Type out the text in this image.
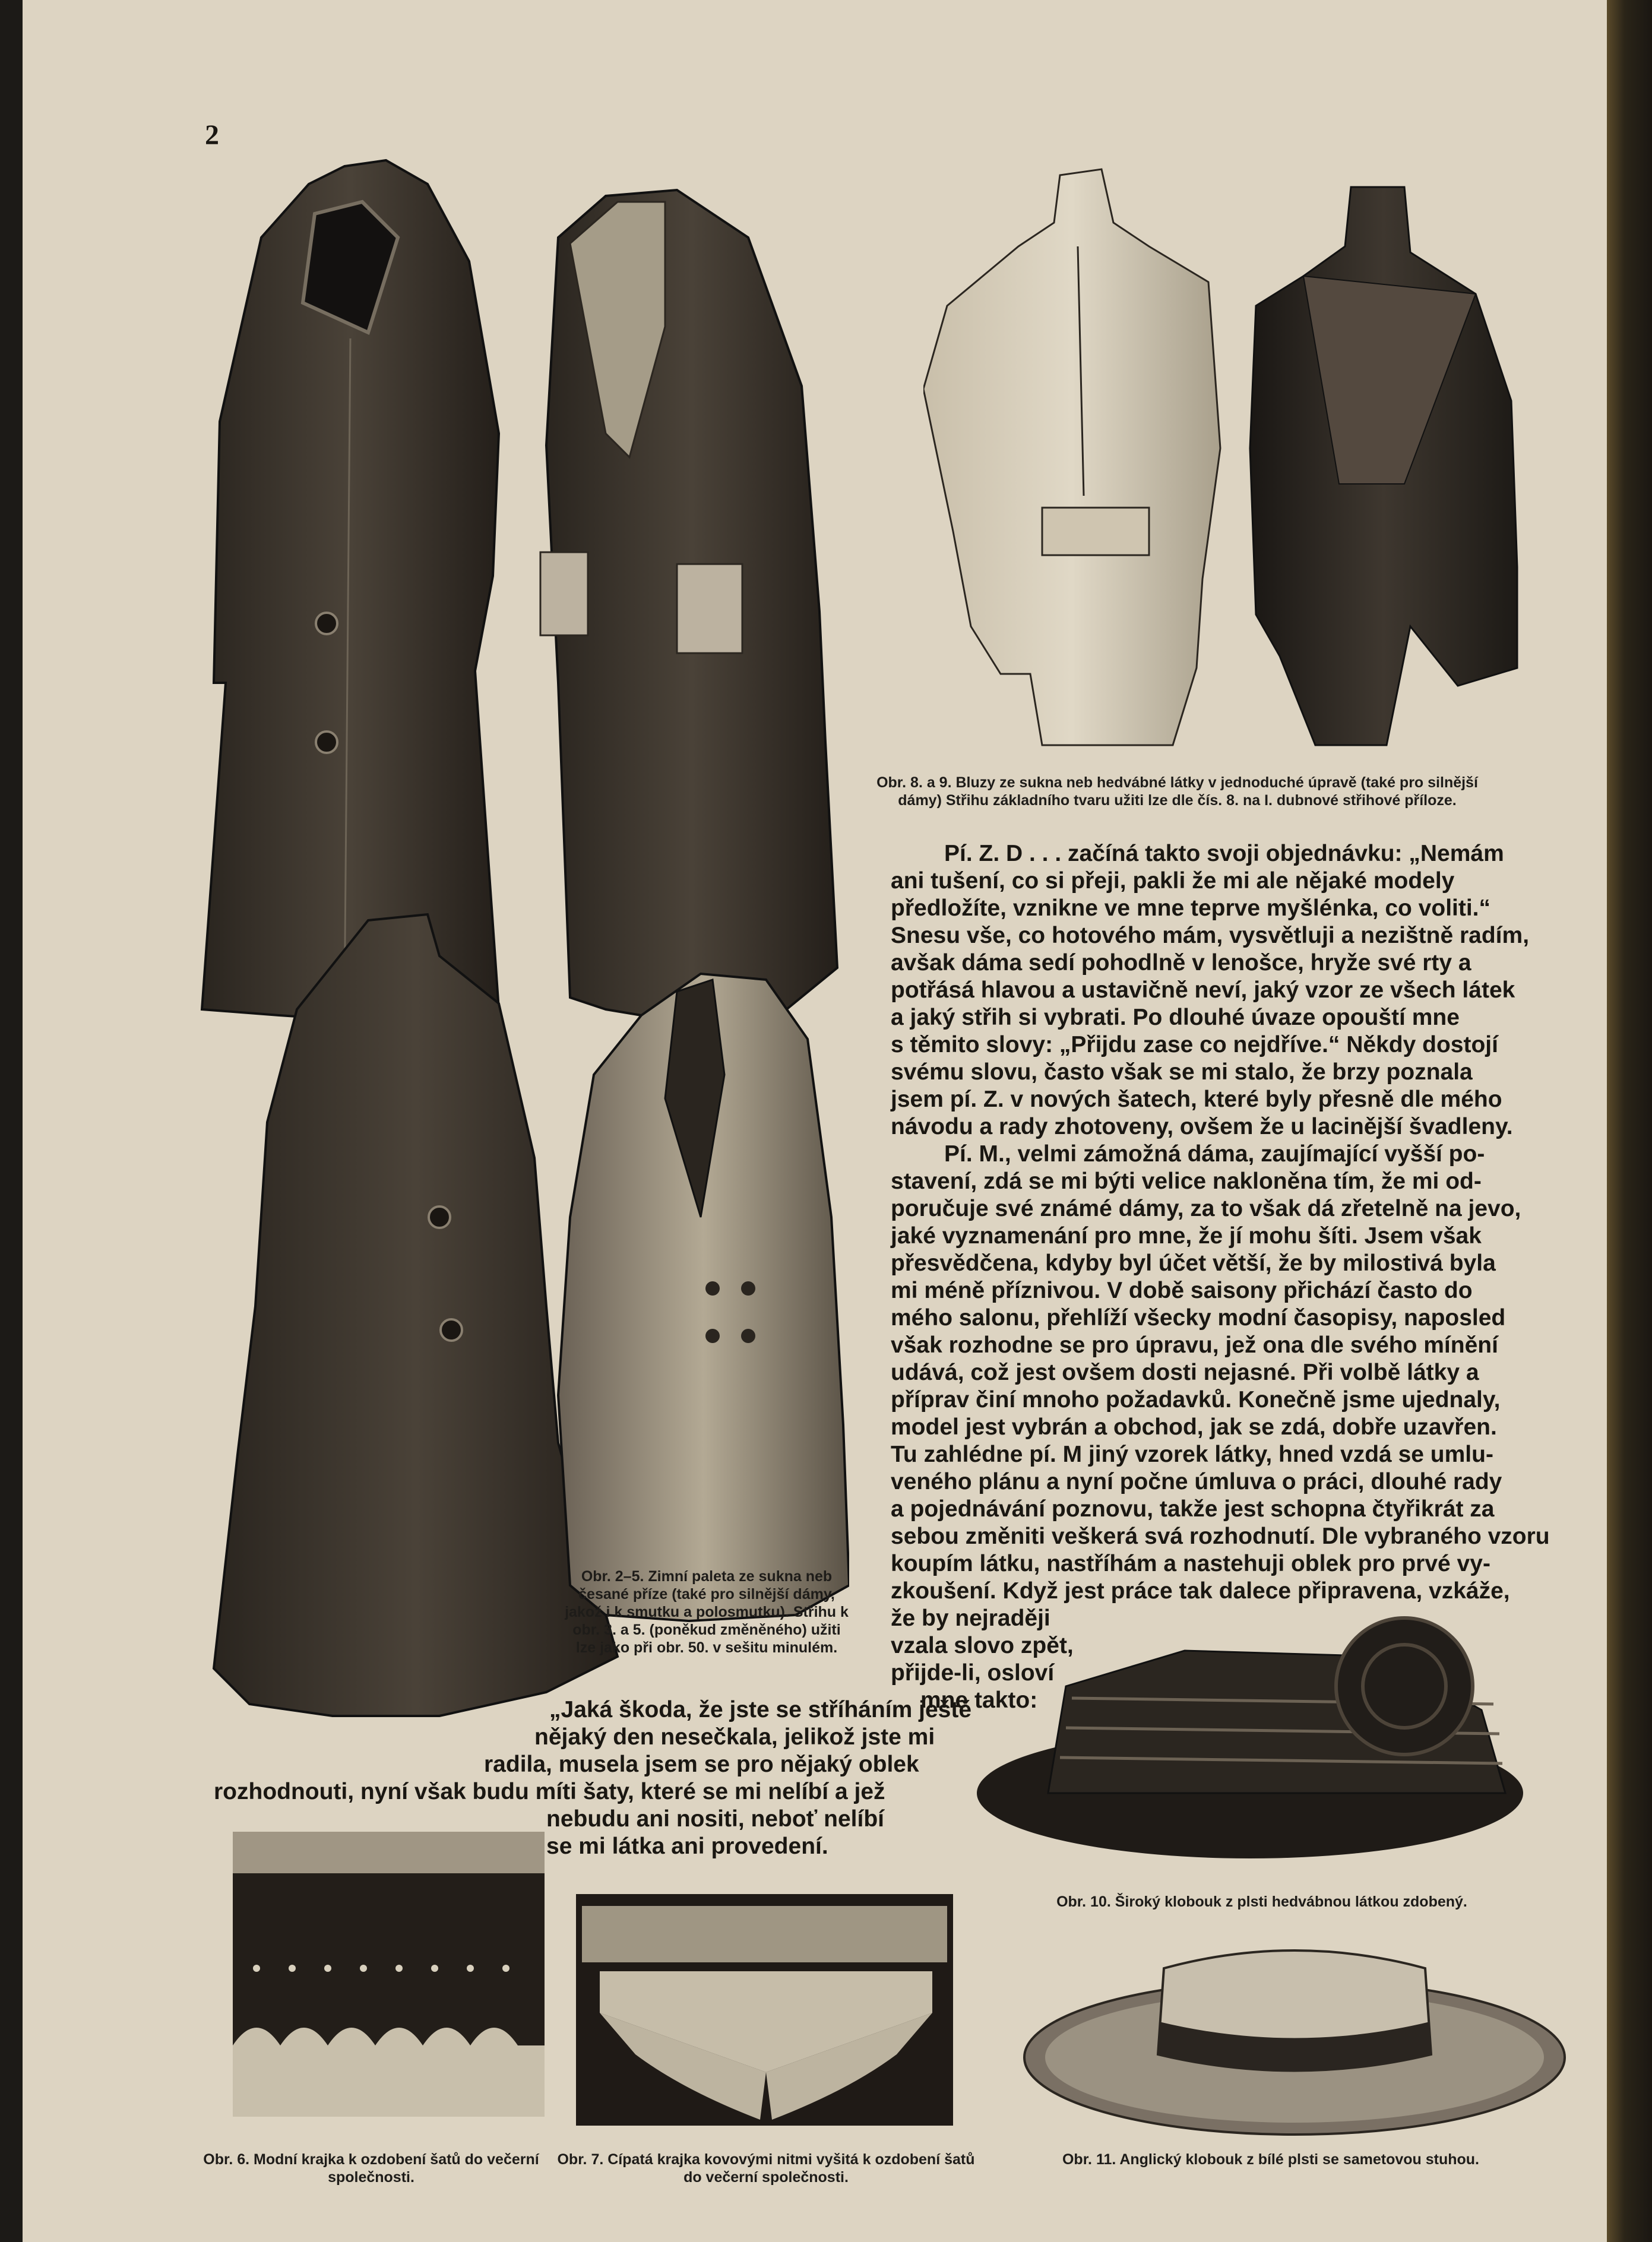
2
Obr. 2–5. Zimní paleta ze sukna neb česané příze (také pro silnější dámy, jakož i k smutku a polosmutku). Střihu k obr. 3. a 5. (poněkud změněného) užiti lze jako při obr. 50. v sešitu minulém.
Obr. 8. a 9. Bluzy ze sukna neb hedvábné látky v jednoduché úpravě (také pro silnější dámy) Střihu základního tvaru užiti lze dle čís. 8. na I. dubnové střihové příloze.
Pí. Z. D . . . začíná takto svoji objednávku: „Nemám
ani tušení, co si přeji, pakli že mi ale nějaké modely
předložíte, vznikne ve mne teprve myšlénka, co voliti.“
Snesu vše, co hotového mám, vysvětluji a nezištně radím,
avšak dáma sedí pohodlně v lenošce, hryže své rty a
potřásá hlavou a ustavičně neví, jaký vzor ze všech látek
a jaký střih si vybrati. Po dlouhé úvaze opouští mne
s těmito slovy: „Přijdu zase co nejdříve.“ Někdy dostojí
svému slovu, často však se mi stalo, že brzy poznala
jsem pí. Z. v nových šatech, které byly přesně dle mého
návodu a rady zhotoveny, ovšem že u lacinější švadleny.
Pí. M., velmi zámožná dáma, zaujímající vyšší po-
stavení, zdá se mi býti velice nakloněna tím, že mi od-
poručuje své známé dámy, za to však dá zřetelně na jevo,
jaké vyznamenání pro mne, že jí mohu šíti. Jsem však
přesvědčena, kdyby byl účet větší, že by milostivá byla
mi méně příznivou. V době saisony přichází často do
mého salonu, přehlíží všecky modní časopisy, naposled
však rozhodne se pro úpravu, jež ona dle svého mínění
udává, což jest ovšem dosti nejasné. Při volbě látky a
příprav činí mnoho požadavků. Konečně jsme ujednaly,
model jest vybrán a obchod, jak se zdá, dobře uzavřen.
Tu zahlédne pí. M jiný vzorek látky, hned vzdá se umlu-
veného plánu a nyní počne úmluva o práci, dlouhé rady
a pojednávání poznovu, takže jest schopna čtyřikrát za
sebou změniti veškerá svá rozhodnutí. Dle vybraného vzoru
koupím látku, nastříhám a nastehuji oblek pro prvé vy-
zkoušení. Když jest práce tak dalece připravena, vzkáže,
že by nejraději
vzala slovo zpět,
přijde-li, osloví
mne takto:
„Jaká škoda, že jste se stříháním ještě
nějaký den nesečkala, jelikož jste mi
radila, musela jsem se pro nějaký oblek
rozhodnouti, nyní však budu míti šaty, které se mi nelíbí a jež
nebudu ani nositi, neboť nelíbí
se mi látka ani provedení.
Obr. 10. Široký klobouk z plsti hedvábnou látkou zdobený.
Obr. 11. Anglický klobouk z bílé plsti se sametovou stuhou.
Obr. 6. Modní krajka k ozdobení šatů do večerní společnosti.
Obr. 7. Cípatá krajka kovovými nitmi vyšitá k ozdobení šatů do večerní společnosti.
